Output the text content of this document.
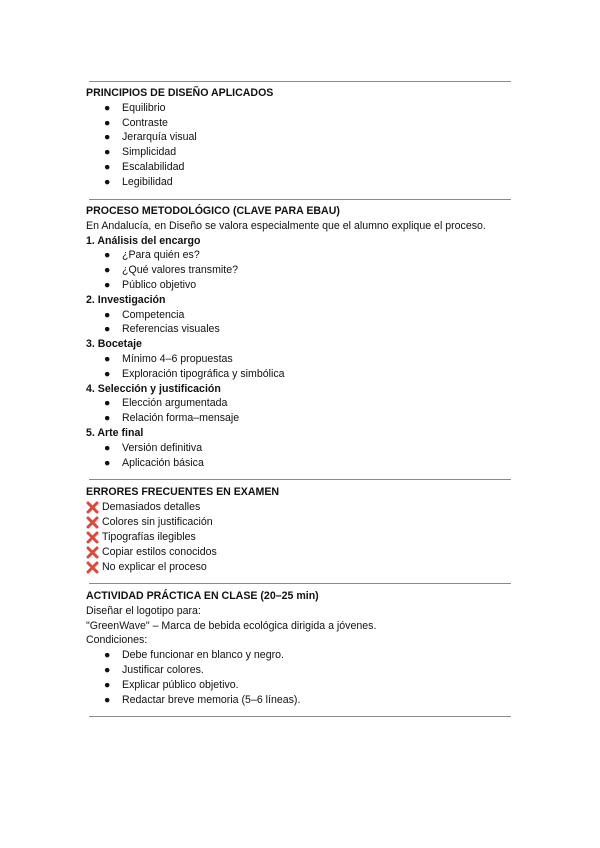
PRINCIPIOS DE DISEÑO APLICADOS
● Equilibrio
● Contraste
● Jerarquía visual
● Simplicidad
● Escalabilidad
● Legibilidad
PROCESO METODOLÓGICO (CLAVE PARA EBAU)
En Andalucía, en Diseño se valora especialmente que el alumno explique el proceso.
1. Análisis del encargo
● ¿Para quién es?
● ¿Qué valores transmite?
● Público objetivo
2. Investigación
● Competencia
● Referencias visuales
3. Bocetaje
● Mínimo 4–6 propuestas
● Exploración tipográfica y simbólica
4. Selección y justificación
● Elección argumentada
● Relación forma–mensaje
5. Arte final
● Versión definitiva
● Aplicación básica
ERRORES FRECUENTES EN EXAMEN
Demasiados detalles
Colores sin justificación
Tipografías ilegibles
Copiar estilos conocidos
No explicar el proceso
ACTIVIDAD PRÁCTICA EN CLASE (20–25 min)
Diseñar el logotipo para:
"GreenWave" – Marca de bebida ecológica dirigida a jóvenes.
Condiciones:
● Debe funcionar en blanco y negro.
● Justificar colores.
● Explicar público objetivo.
● Redactar breve memoria (5–6 líneas).
